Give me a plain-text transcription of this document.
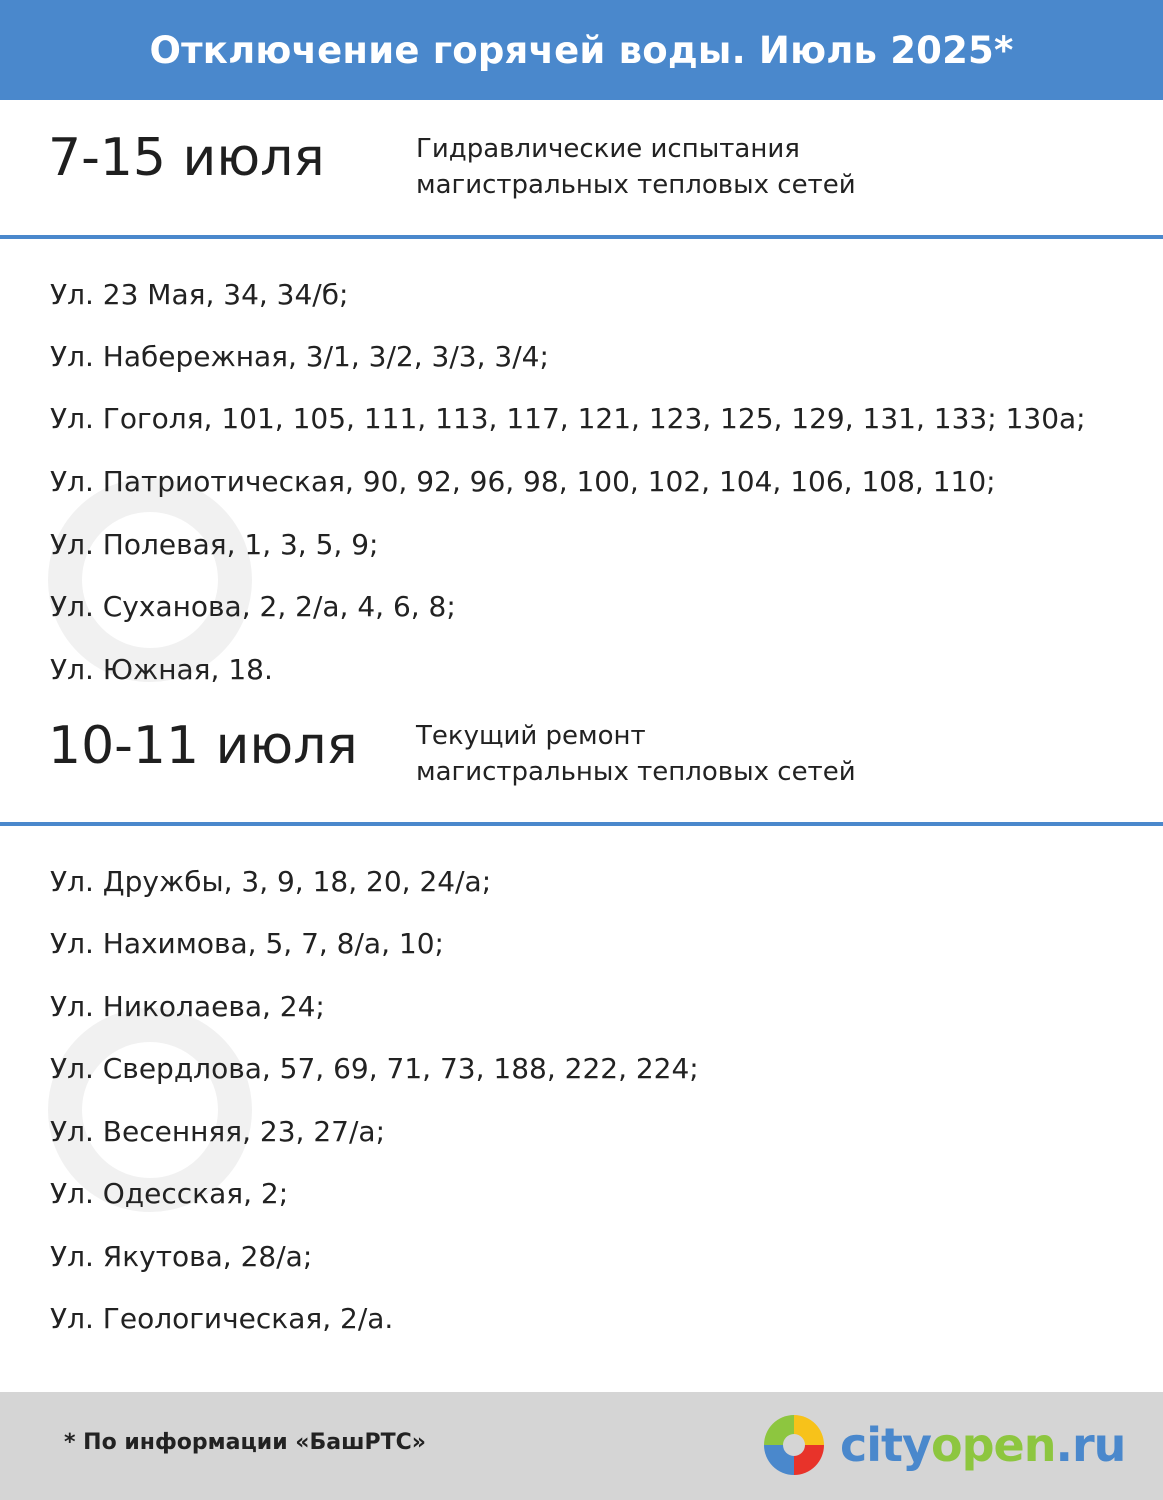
Отключение горячей воды. Июль 2025*
7-15 июля	Гидравлические испытания
магистральных тепловых сетей
Ул. 23 Мая, 34, 34/б;
Ул. Набережная, 3/1, 3/2, 3/3, 3/4;
Ул. Гоголя, 101, 105, 111, 113, 117, 121, 123, 125, 129, 131, 133; 130а;
Ул. Патриотическая, 90, 92, 96, 98, 100, 102, 104, 106, 108, 110;
Ул. Полевая, 1, 3, 5, 9;
Ул. Суханова, 2, 2/а, 4, 6, 8;
Ул. Южная, 18.
10-11 июля Текущий ремонт
магистральных тепловых сетей
Ул. Дружбы, 3, 9, 18, 20, 24/а;
Ул. Нахимова, 5, 7, 8/а, 10;
Ул. Николаева, 24;
Ул. Свердлова, 57, 69, 71, 73, 188, 222, 224;
Ул. Весенняя, 23, 27/а;
Ул. Одесская, 2;
Ул. Якутова, 28/а;
Ул. Геологическая, 2/а.
* По информации «БашРТС»	cityopen.ru
